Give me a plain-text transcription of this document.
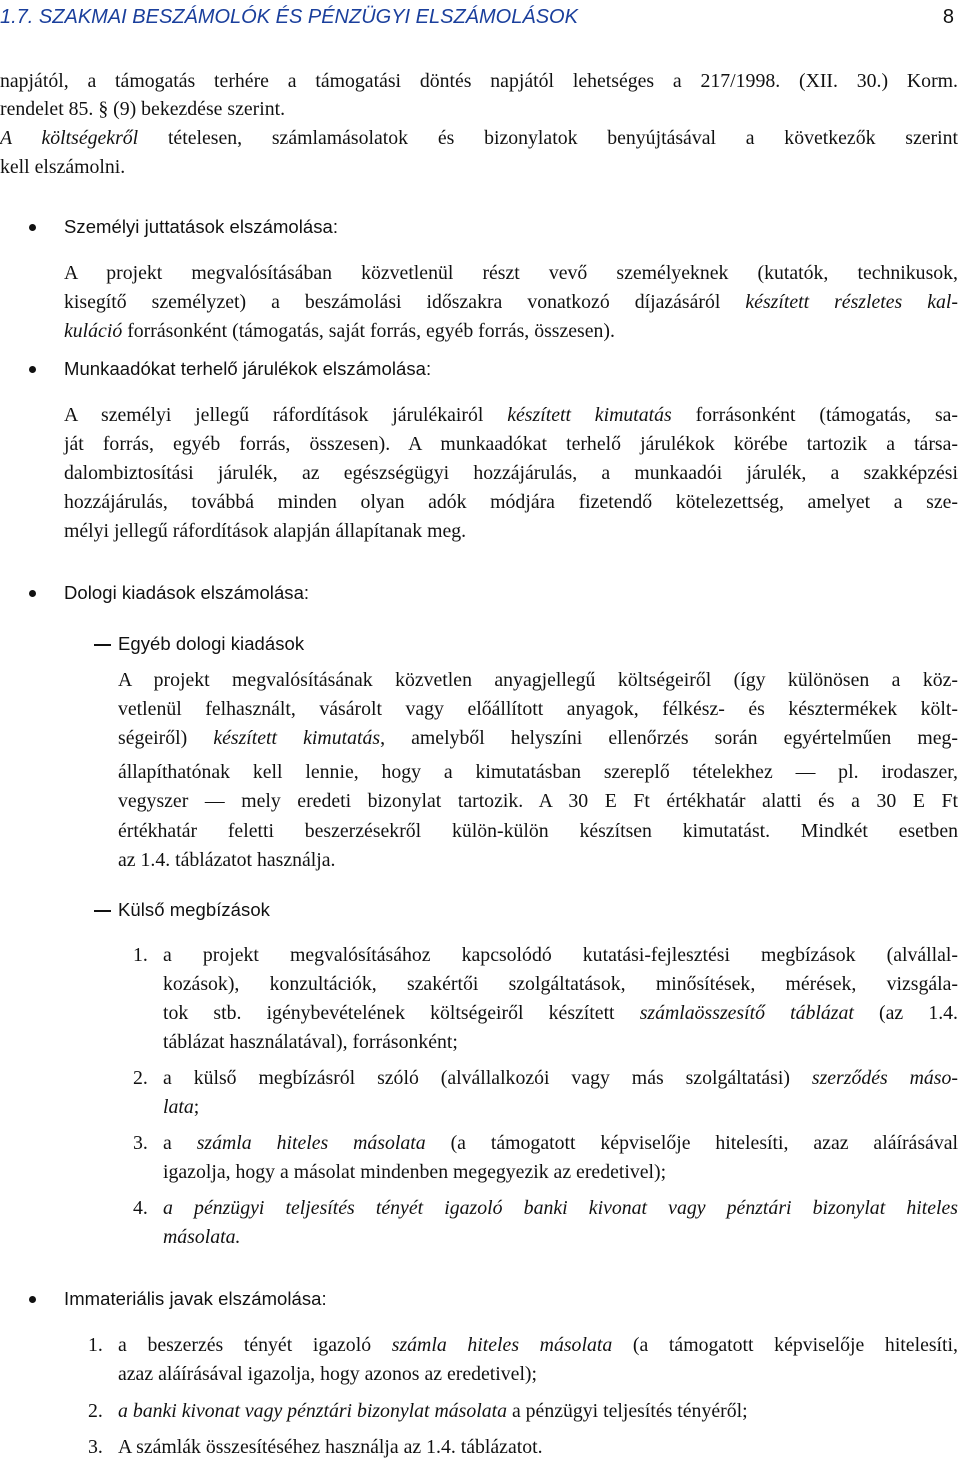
1.7. SZAKMAI BESZÁMOLÓK ÉS PÉNZÜGYI ELSZÁMOLÁSOK	8
napjától, a támogatás terhére a támogatási döntés napjától lehetséges a 217/1998. (XII. 30.) Korm.
rendelet 85. § (9) bekezdése szerint.
A költségekről tételesen, számlamásolatok és bizonylatok benyújtásával a következők szerint
kell elszámolni.
Személyi juttatások elszámolása:
A projekt megvalósításában közvetlenül részt vevő személyeknek (kutatók, technikusok,
kisegítő személyzet) a beszámolási időszakra vonatkozó díjazásáról készített részletes kal-
kuláció forrásonként (támogatás, saját forrás, egyéb forrás, összesen).
Munkaadókat terhelő járulékok elszámolása:
A személyi jellegű ráfordítások járulékairól készített kimutatás forrásonként (támogatás, sa-
ját forrás, egyéb forrás, összesen). A munkaadókat terhelő járulékok körébe tartozik a társa-
dalombiztosítási járulék, az egészségügyi hozzájárulás, a munkaadói járulék, a szakképzési
hozzájárulás, továbbá minden olyan adók módjára fizetendő kötelezettség, amelyet a sze-
mélyi jellegű ráfordítások alapján állapítanak meg.
Dologi kiadások elszámolása:
Egyéb dologi kiadások
A projekt megvalósításának közvetlen anyagjellegű költségeiről (így különösen a köz-
vetlenül felhasznált, vásárolt vagy előállított anyagok, félkész- és késztermékek költ-
ségeiről) készített kimutatás, amelyből helyszíni ellenőrzés során egyértelműen meg-
állapíthatónak kell lennie, hogy a kimutatásban szereplő tételekhez — pl. irodaszer,
vegyszer — mely eredeti bizonylat tartozik. A 30 E Ft értékhatár alatti és a 30 E Ft
értékhatár feletti beszerzésekről külön-külön készítsen kimutatást. Mindkét esetben
az 1.4. táblázatot használja.
Külső megbízások
1. a projekt megvalósításához kapcsolódó kutatási-fejlesztési megbízások (alvállal-
kozások), konzultációk, szakértői szolgáltatások, minősítések, mérések, vizsgála-
tok stb. igénybevételének költségeiről készített számlaösszesítő táblázat (az 1.4.
táblázat használatával), forrásonként;
2. a külső megbízásról szóló (alvállalkozói vagy más szolgáltatási) szerződés máso-
lata;
3. a számla hiteles másolata (a támogatott képviselője hitelesíti, azaz aláírásával
igazolja, hogy a másolat mindenben megegyezik az eredetivel);
4. a pénzügyi teljesítés tényét igazoló banki kivonat vagy pénztári bizonylat hiteles
másolata.
Immateriális javak elszámolása:
1. a beszerzés tényét igazoló számla hiteles másolata (a támogatott képviselője hitelesíti,
azaz aláírásával igazolja, hogy azonos az eredetivel);
2. a banki kivonat vagy pénztári bizonylat másolata a pénzügyi teljesítés tényéről;
3. A számlák összesítéséhez használja az 1.4. táblázatot.
